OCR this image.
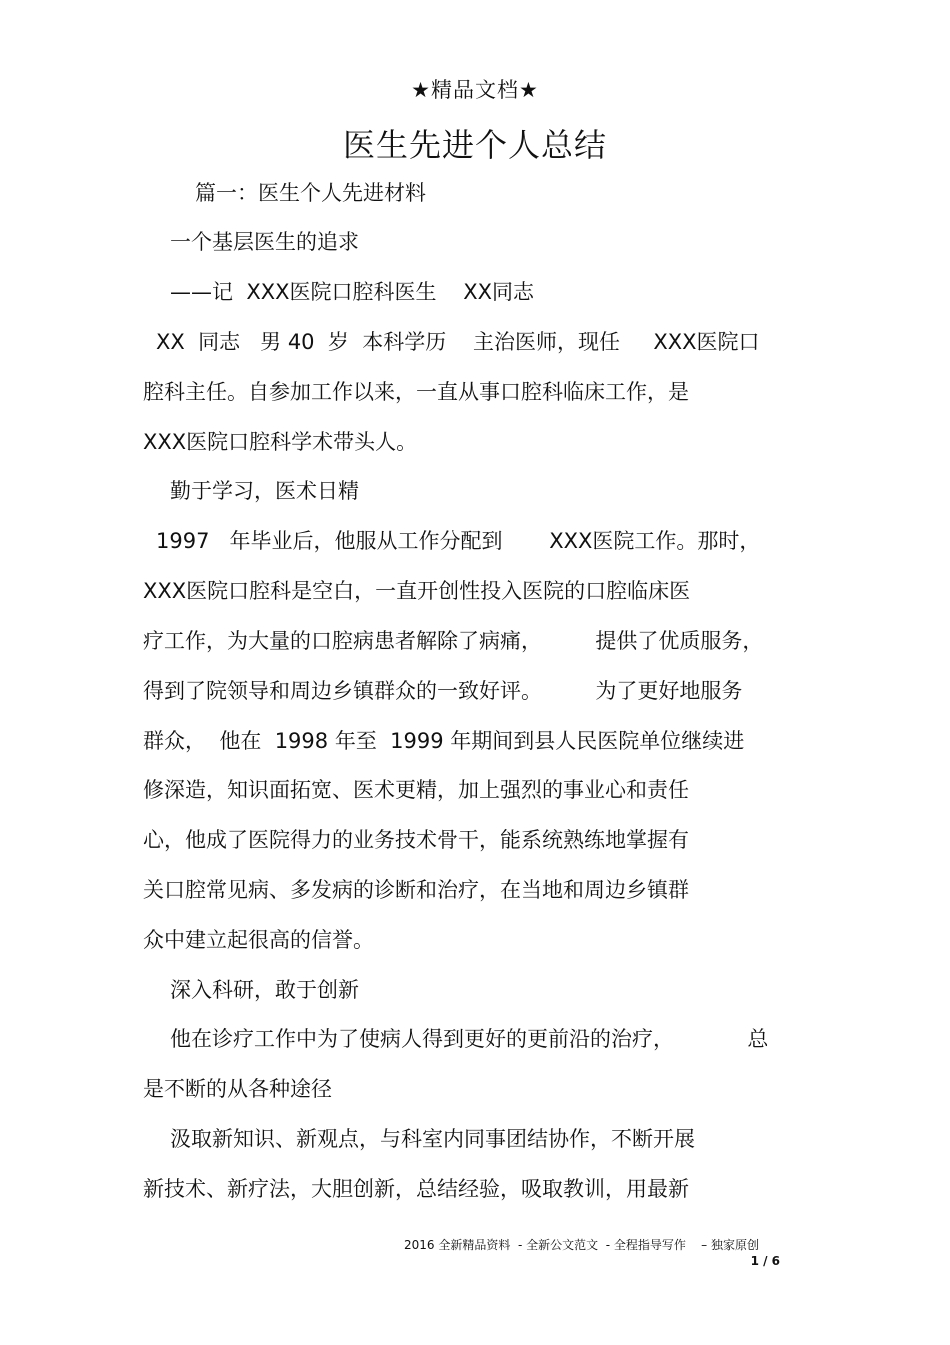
★精品文档★
医生先进个人总结
篇一：医生个人先进材料
一个基层医生的追求
——记  XXX医院口腔科医生    XX同志
XX  同志   男 40  岁  本科学历    主治医师，现任     XXX医院口
腔科主任。自参加工作以来，一直从事口腔科临床工作，是
XXX医院口腔科学术带头人。
勤于学习，医术日精
1997   年毕业后，他服从工作分配到       XXX医院工作。那时，
XXX医院口腔科是空白，一直开创性投入医院的口腔临床医
疗工作，为大量的口腔病患者解除了病痛，        提供了优质服务，
得到了院领导和周边乡镇群众的一致好评。        为了更好地服务
群众，  他在  1998 年至  1999 年期间到县人民医院单位继续进
修深造，知识面拓宽、医术更精，加上强烈的事业心和责任
心，他成了医院得力的业务技术骨干，能系统熟练地掌握有
关口腔常见病、多发病的诊断和治疗，在当地和周边乡镇群
众中建立起很高的信誉。
深入科研，敢于创新
他在诊疗工作中为了使病人得到更好的更前沿的治疗，           总
是不断的从各种途径
汲取新知识、新观点，与科室内同事团结协作，不断开展
新技术、新疗法，大胆创新，总结经验，吸取教训，用最新
2016 全新精品资料  - 全新公文范文  - 全程指导写作    – 独家原创
1 / 6
